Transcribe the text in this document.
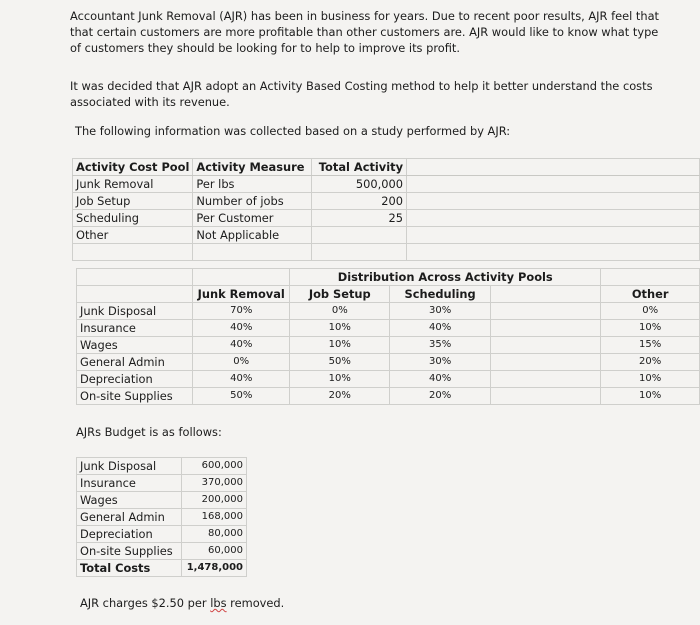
Accountant Junk Removal (AJR) has been in business for years. Due to recent poor results, AJR feel that that certain customers are more profitable than other customers are. AJR would like to know what type of customers they should be looking for to help to improve its profit.

It was decided that AJR adopt an Activity Based Costing method to help it better understand the costs associated with its revenue.

The following information was collected based on a study performed by AJR:

Activity Cost Pool	Activity Measure	Total Activity	
Junk Removal	Per lbs	500,000	
Job Setup	Number of jobs	200	
Scheduling	Per Customer	25	
Other	Not Applicable		

		Distribution Across Activity Pools			
	Junk Removal	Job Setup	Scheduling		Other
Junk Disposal	70%	0%	30%		0%
Insurance	40%	10%	40%		10%
Wages	40%	10%	35%		15%
General Admin	0%	50%	30%		20%
Depreciation	40%	10%	40%		10%
On-site Supplies	50%	20%	20%		10%

AJRs Budget is as follows:

Junk Disposal	600,000
Insurance	370,000
Wages	200,000
General Admin	168,000
Depreciation	80,000
On-site Supplies	60,000
Total Costs	1,478,000

AJR charges $2.50 per lbs removed.
